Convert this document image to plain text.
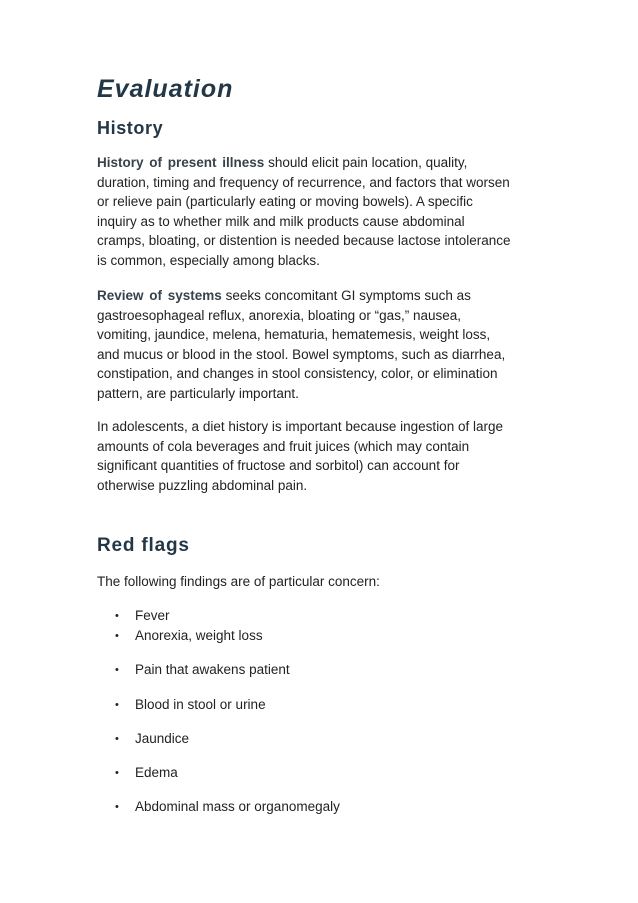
Evaluation
History

History of present illness should elicit pain location, quality,
duration, timing and frequency of recurrence, and factors that worsen
or relieve pain (particularly eating or moving bowels). A specific
inquiry as to whether milk and milk products cause abdominal
cramps, bloating, or distention is needed because lactose intolerance
is common, especially among blacks.

Review of systems seeks concomitant GI symptoms such as
gastroesophageal reflux, anorexia, bloating or “gas,” nausea,
vomiting, jaundice, melena, hematuria, hematemesis, weight loss,
and mucus or blood in the stool. Bowel symptoms, such as diarrhea,
constipation, and changes in stool consistency, color, or elimination
pattern, are particularly important.

In adolescents, a diet history is important because ingestion of large
amounts of cola beverages and fruit juices (which may contain
significant quantities of fructose and sorbitol) can account for
otherwise puzzling abdominal pain.

Red flags

The following findings are of particular concern:

• Fever
• Anorexia, weight loss
• Pain that awakens patient
• Blood in stool or urine
• Jaundice
• Edema
• Abdominal mass or organomegaly
